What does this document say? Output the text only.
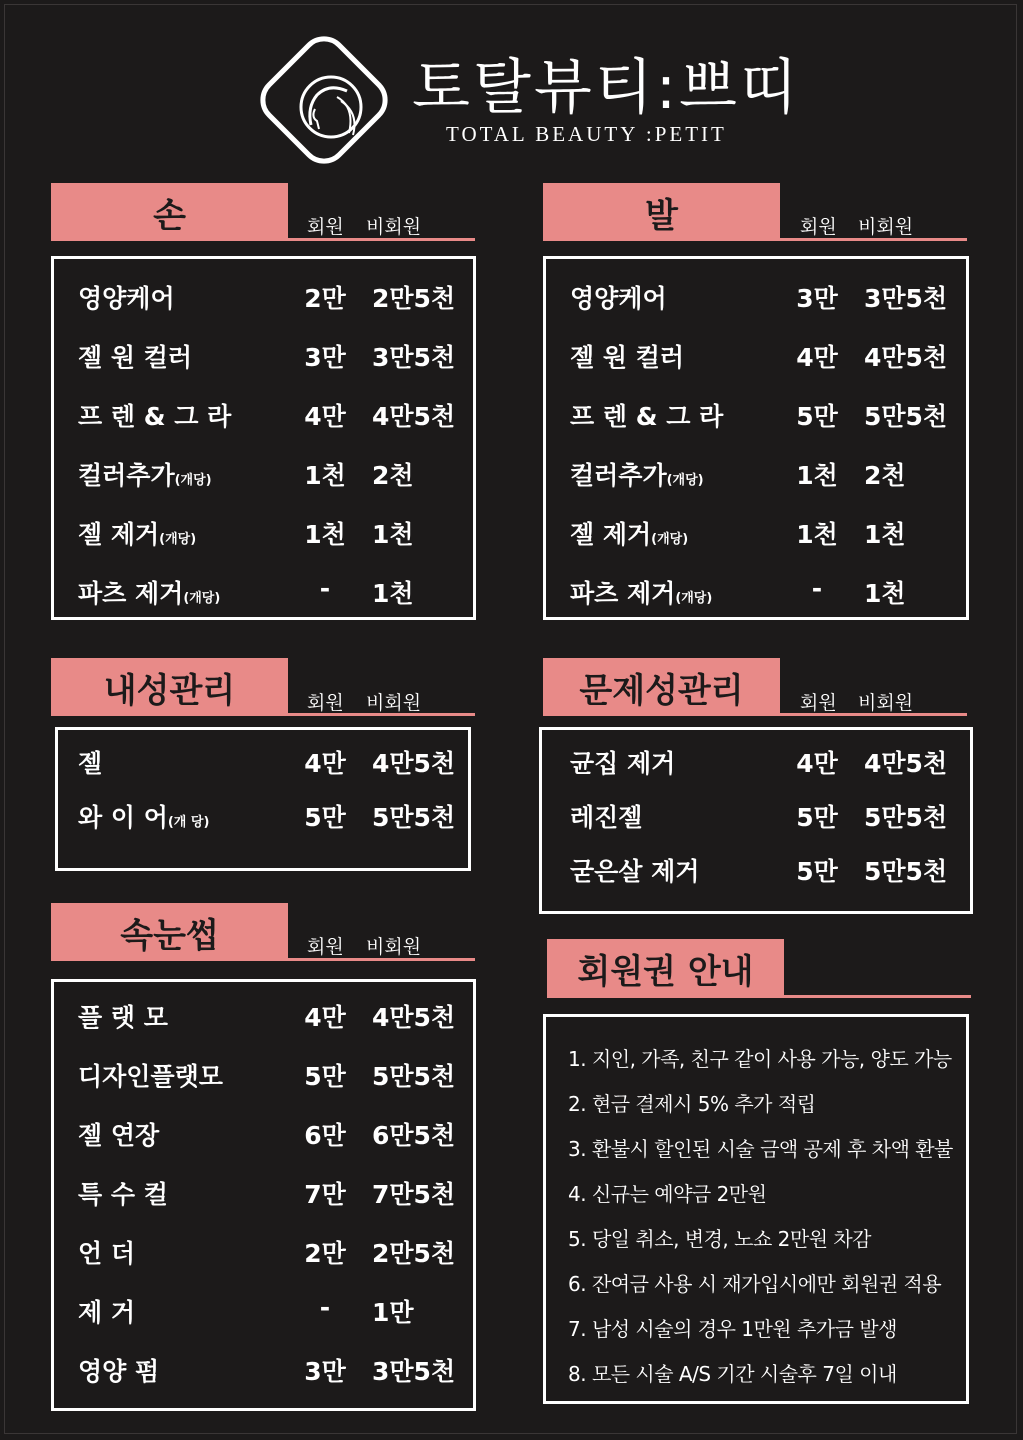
토탈뷰티:쁘띠
TOTAL BEAUTY :PETIT
손	회원 비회원
영양케어	2만	2만5천
젤 원 컬러	3만	3만5천
프 렌 & 그 라	4만	4만5천
컬러추가(개당)	1천	2천
젤 제거(개당)	1천	1천
파츠 제거(개당)	-	1천
발	회원 비회원
영양케어	3만	3만5천
젤 원 컬러	4만	4만5천
프 렌 & 그 라	5만	5만5천
컬러추가(개당)	1천	2천
젤 제거(개당)	1천	1천
파츠 제거(개당)	-	1천
내성관리	회원 비회원
젤	4만	4만5천
와 이 어(개 당)	5만	5만5천
문제성관리	회원 비회원
균집 제거	4만	4만5천
레진젤	5만	5만5천
굳은살 제거	5만	5만5천
속눈썹	회원 비회원
플 랫 모	4만	4만5천
디자인플랫모	5만	5만5천
젤 연장	6만	6만5천
특 수 컬	7만	7만5천
언 더	2만	2만5천
제 거	-	1만
영양 펌	3만	3만5천
회원권 안내
1. 지인, 가족, 친구 같이 사용 가능, 양도 가능
2. 현금 결제시 5% 추가 적립
3. 환불시 할인된 시술 금액 공제 후 차액 환불
4. 신규는 예약금 2만원
5. 당일 취소, 변경, 노쇼 2만원 차감
6. 잔여금 사용 시 재가입시에만 회원권 적용
7. 남성 시술의 경우 1만원 추가금 발생
8. 모든 시술 A/S 기간 시술후 7일 이내
